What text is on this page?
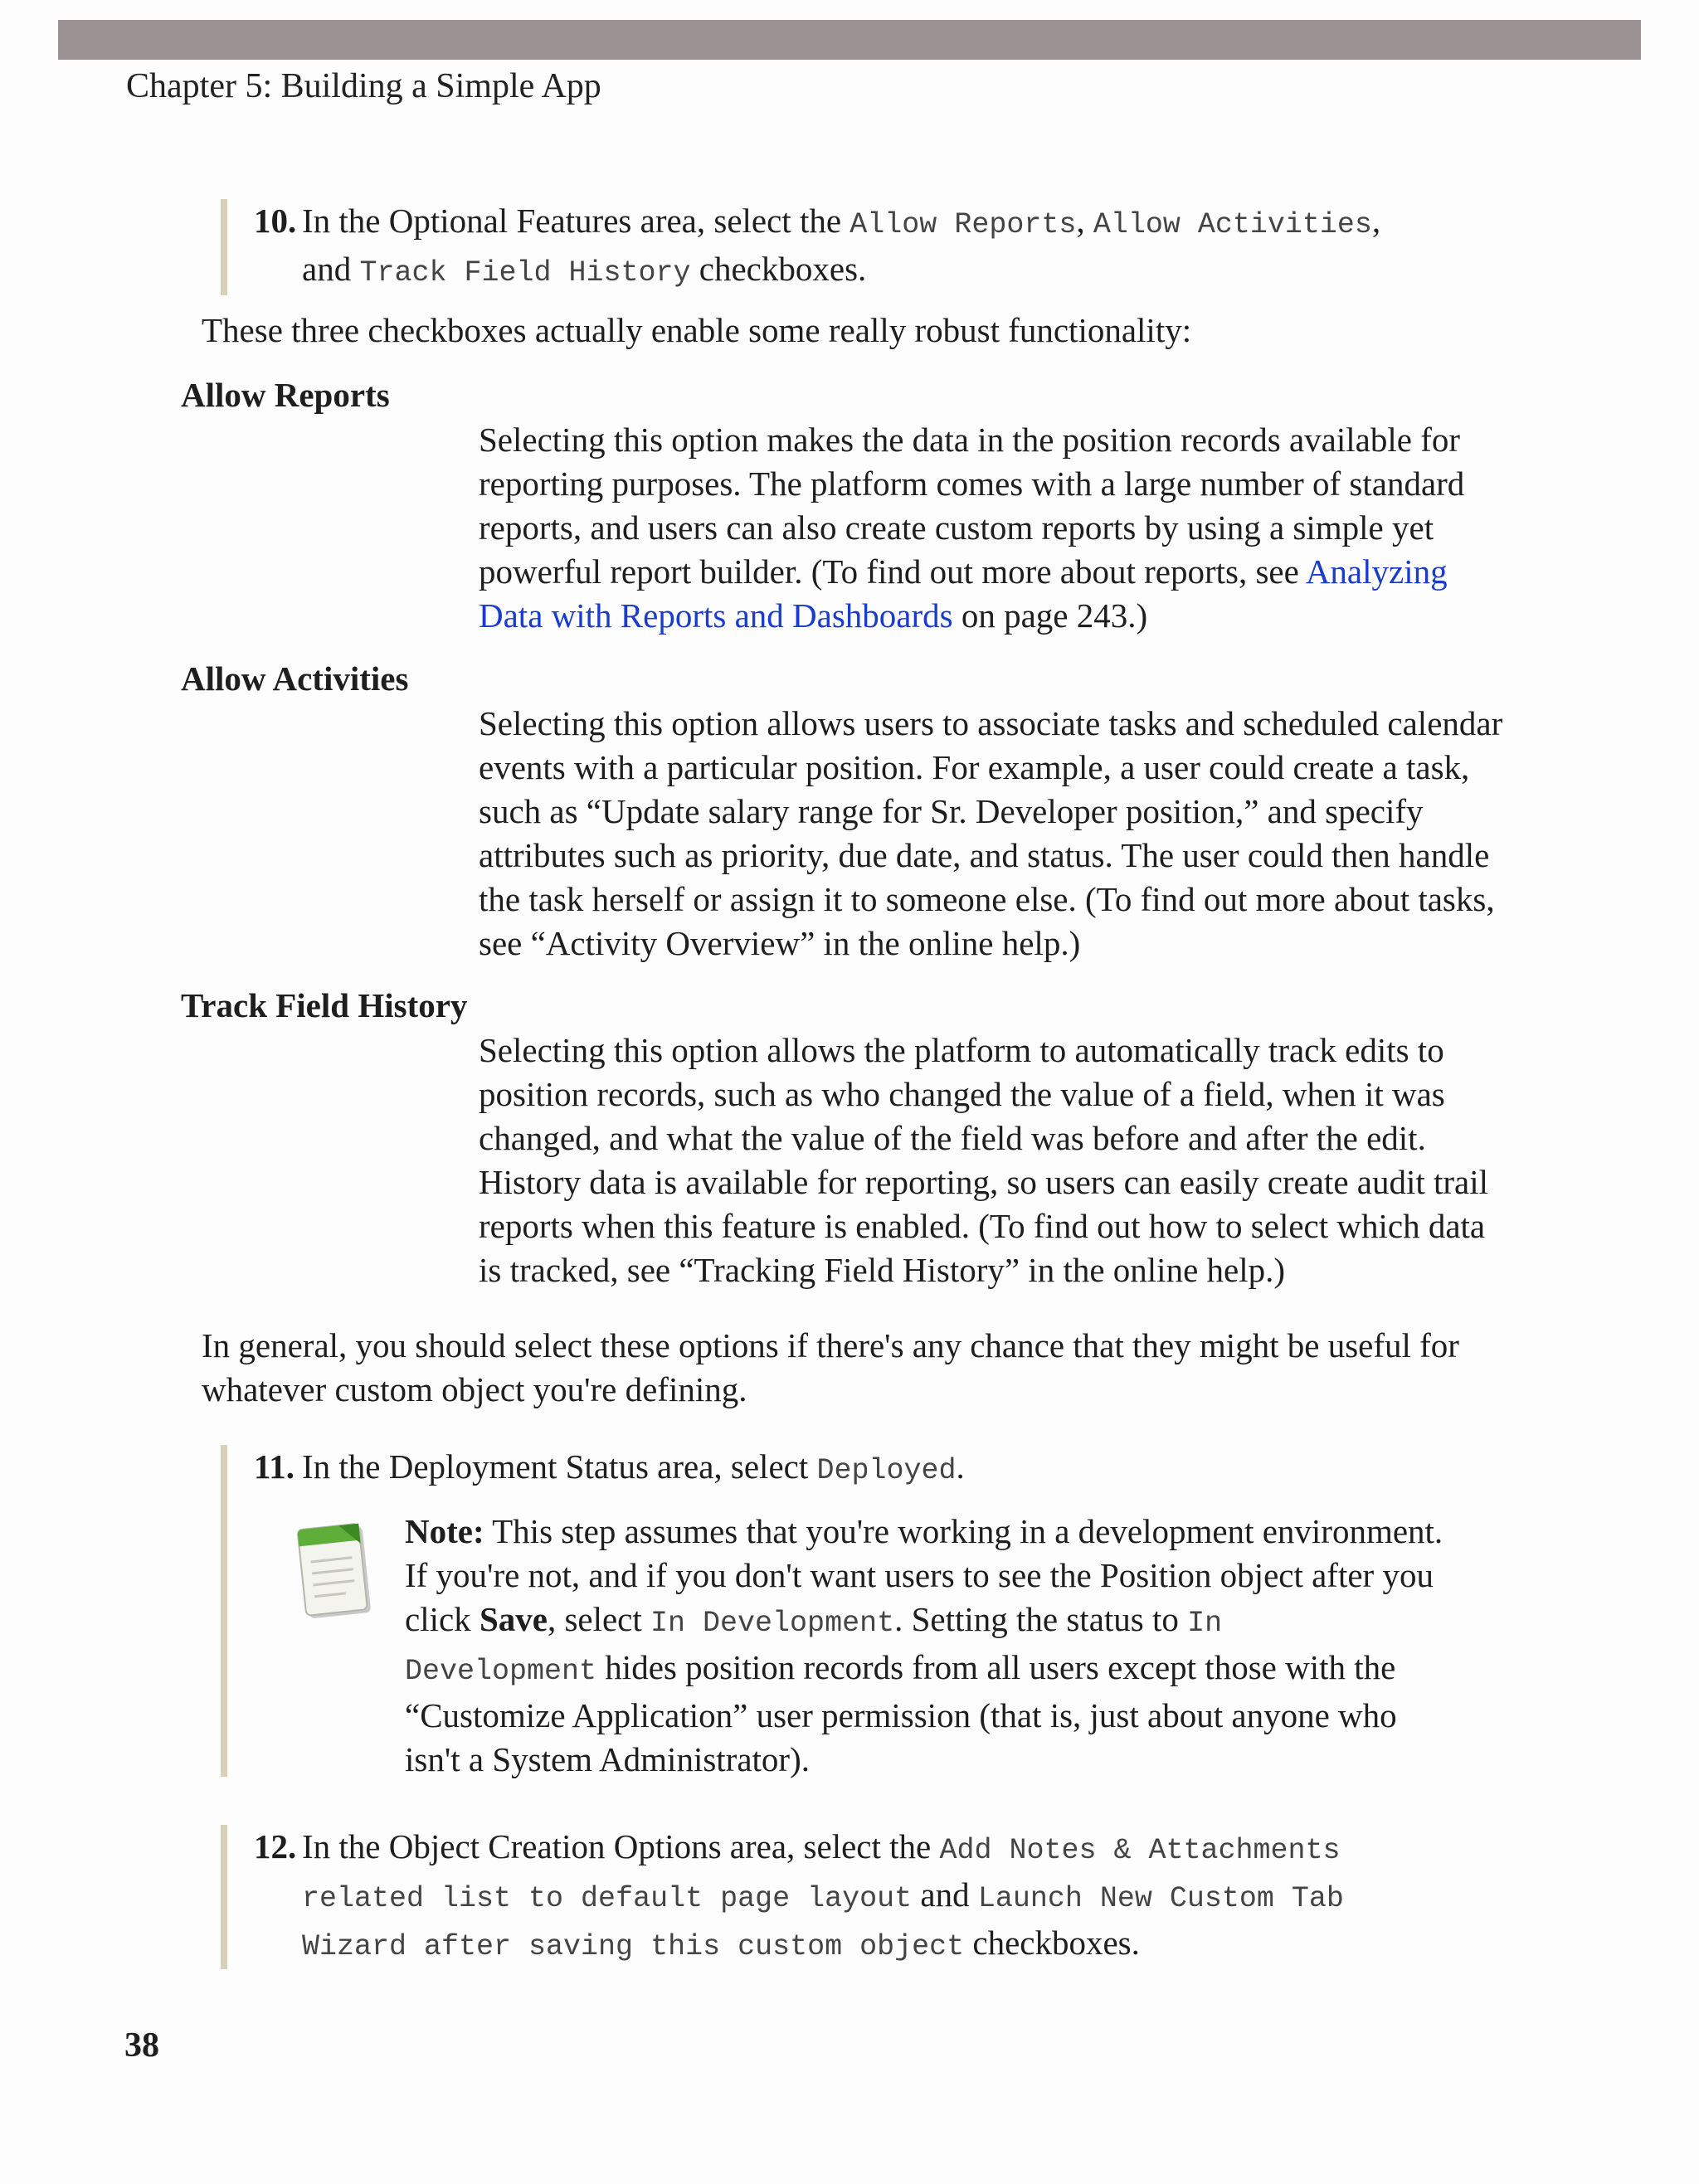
Chapter 5: Building a Simple App
10. In the Optional Features area, select the Allow Reports, Allow Activities,
and Track Field History checkboxes.
These three checkboxes actually enable some really robust functionality:
Allow Reports
Selecting this option makes the data in the position records available for
reporting purposes. The platform comes with a large number of standard
reports, and users can also create custom reports by using a simple yet
powerful report builder. (To find out more about reports, see Analyzing
Data with Reports and Dashboards on page 243.)
Allow Activities
Selecting this option allows users to associate tasks and scheduled calendar
events with a particular position. For example, a user could create a task,
such as “Update salary range for Sr. Developer position,” and specify
attributes such as priority, due date, and status. The user could then handle
the task herself or assign it to someone else. (To find out more about tasks,
see “Activity Overview” in the online help.)
Track Field History
Selecting this option allows the platform to automatically track edits to
position records, such as who changed the value of a field, when it was
changed, and what the value of the field was before and after the edit.
History data is available for reporting, so users can easily create audit trail
reports when this feature is enabled. (To find out how to select which data
is tracked, see “Tracking Field History” in the online help.)
In general, you should select these options if there's any chance that they might be useful for
whatever custom object you're defining.
11. In the Deployment Status area, select Deployed.
Note: This step assumes that you're working in a development environment.
If you're not, and if you don't want users to see the Position object after you
click Save, select In Development. Setting the status to In
Development hides position records from all users except those with the
“Customize Application” user permission (that is, just about anyone who
isn't a System Administrator).
12. In the Object Creation Options area, select the Add Notes & Attachments
related list to default page layout and Launch New Custom Tab
Wizard after saving this custom object checkboxes.
38
